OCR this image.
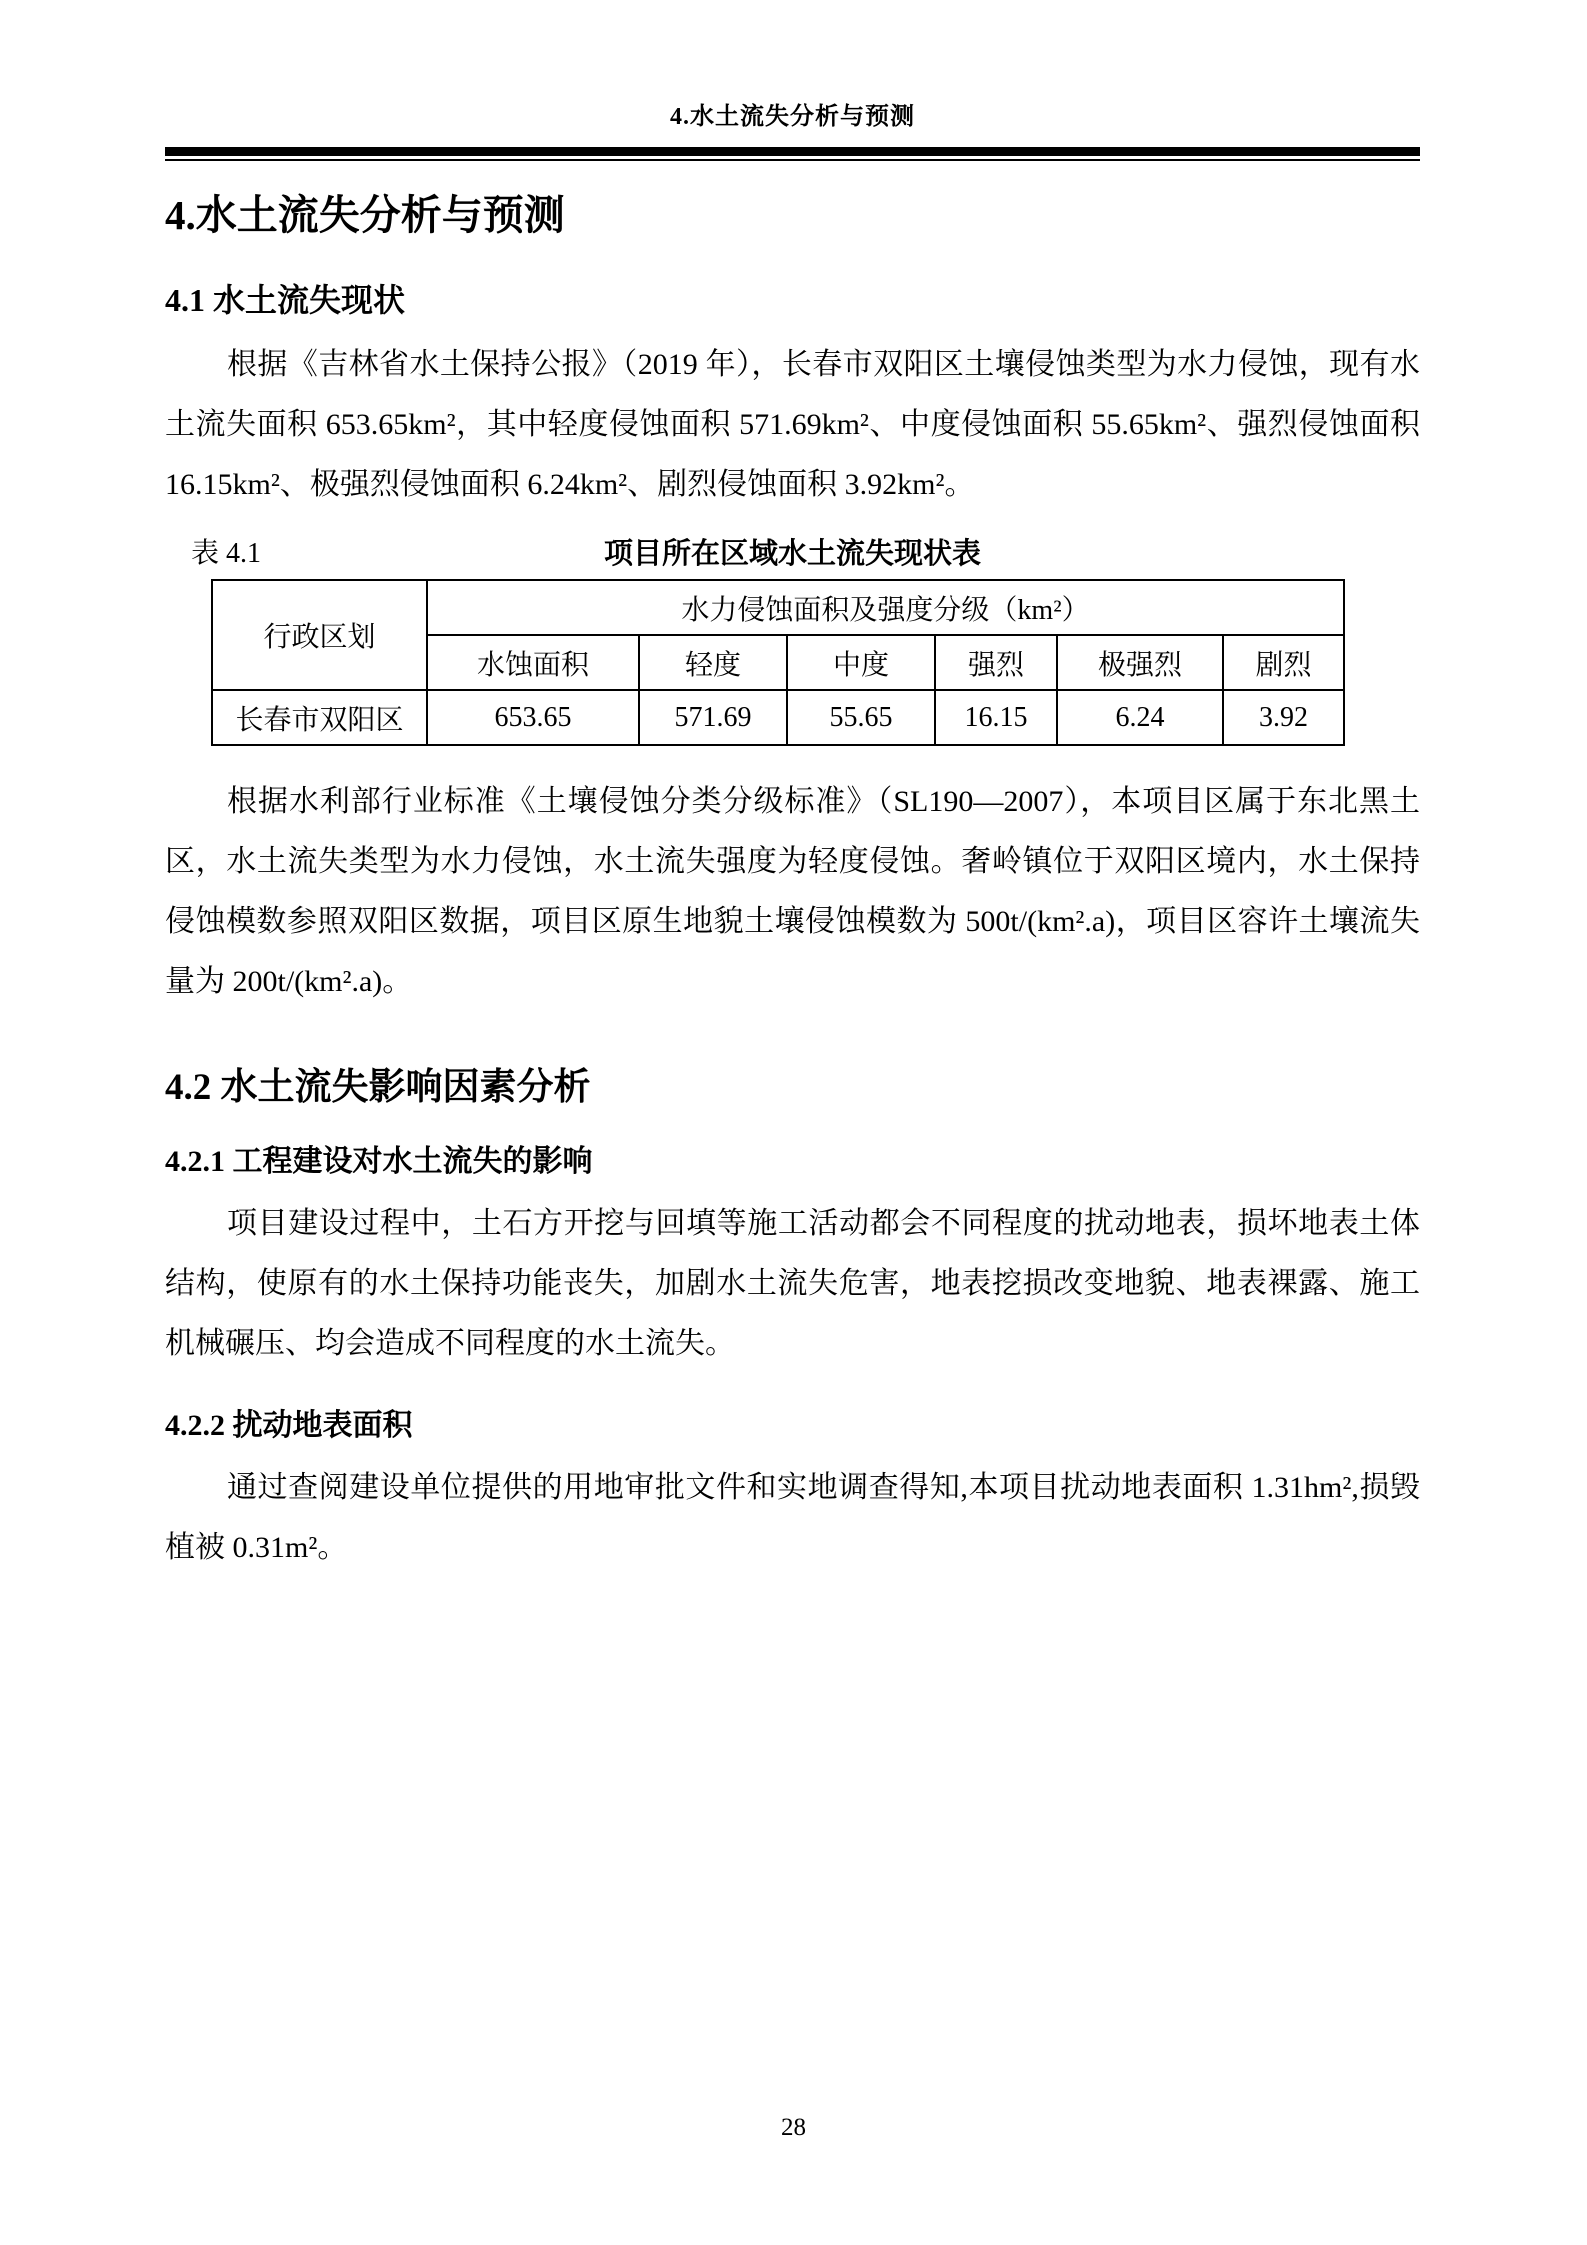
4.水土流失分析与预测
4.水土流失分析与预测
4.1 水土流失现状

根据《吉林省水土保持公报》（2019 年），长春市双阳区土壤侵蚀类型为水力侵蚀，现有水土流失面积 653.65km²，其中轻度侵蚀面积 571.69km²、中度侵蚀面积 55.65km²、强烈侵蚀面积 16.15km²、极强烈侵蚀面积 6.24km²、剧烈侵蚀面积 3.92km²。

表 4.1	项目所在区域水土流失现状表
行政区划	水力侵蚀面积及强度分级（km²）					
	水蚀面积	轻度	中度	强烈	极强烈	剧烈
长春市双阳区	653.65	571.69	55.65	16.15	6.24	3.92

根据水利部行业标准《土壤侵蚀分类分级标准》（SL190—2007），本项目区属于东北黑土区，水土流失类型为水力侵蚀，水土流失强度为轻度侵蚀。奢岭镇位于双阳区境内，水土保持侵蚀模数参照双阳区数据，项目区原生地貌土壤侵蚀模数为 500t/(km².a)，项目区容许土壤流失量为 200t/(km².a)。

4.2 水土流失影响因素分析
4.2.1 工程建设对水土流失的影响

项目建设过程中，土石方开挖与回填等施工活动都会不同程度的扰动地表，损坏地表土体结构，使原有的水土保持功能丧失，加剧水土流失危害，地表挖损改变地貌、地表裸露、施工机械碾压、均会造成不同程度的水土流失。

4.2.2 扰动地表面积

通过查阅建设单位提供的用地审批文件和实地调查得知,本项目扰动地表面积 1.31hm²,损毁植被 0.31m²。

28
